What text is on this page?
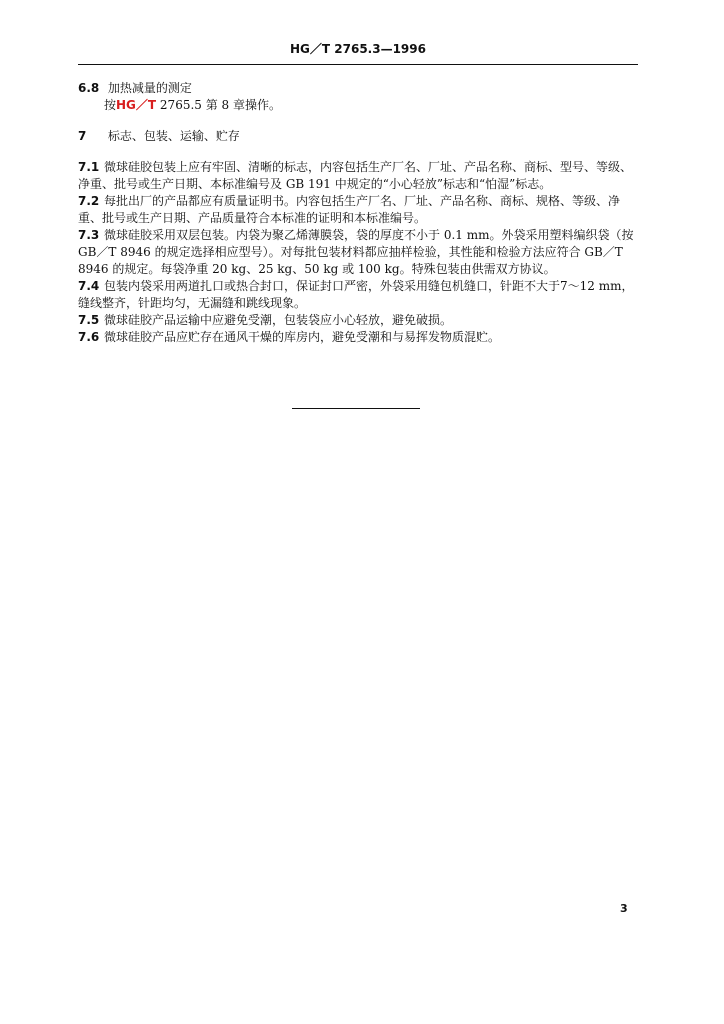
HG／T 2765.3—1996

6.8 加热减量的测定

按HG／T 2765.5 第 8 章操作。

7 标志、包装、运输、贮存

7.1 微球硅胶包装上应有牢固、清晰的标志，内容包括生产厂名、厂址、产品名称、商标、型号、等级、净重、批号或生产日期、本标准编号及 GB 191 中规定的“小心轻放”标志和“怕湿”标志。

7.2 每批出厂的产品都应有质量证明书。内容包括生产厂名、厂址、产品名称、商标、规格、等级、净重、批号或生产日期、产品质量符合本标准的证明和本标准编号。

7.3 微球硅胶采用双层包装。内袋为聚乙烯薄膜袋，袋的厚度不小于 0.1 mm。外袋采用塑料编织袋（按 GB／T 8946 的规定选择相应型号）。对每批包装材料都应抽样检验，其性能和检验方法应符合 GB／T 8946 的规定。每袋净重 20 kg、25 kg、50 kg 或 100 kg。特殊包装由供需双方协议。

7.4 包装内袋采用两道扎口或热合封口，保证封口严密，外袋采用缝包机缝口，针距不大于7～12 mm，缝线整齐，针距均匀，无漏缝和跳线现象。

7.5 微球硅胶产品运输中应避免受潮，包装袋应小心轻放，避免破损。

7.6 微球硅胶产品应贮存在通风干燥的库房内，避免受潮和与易挥发物质混贮。

3
